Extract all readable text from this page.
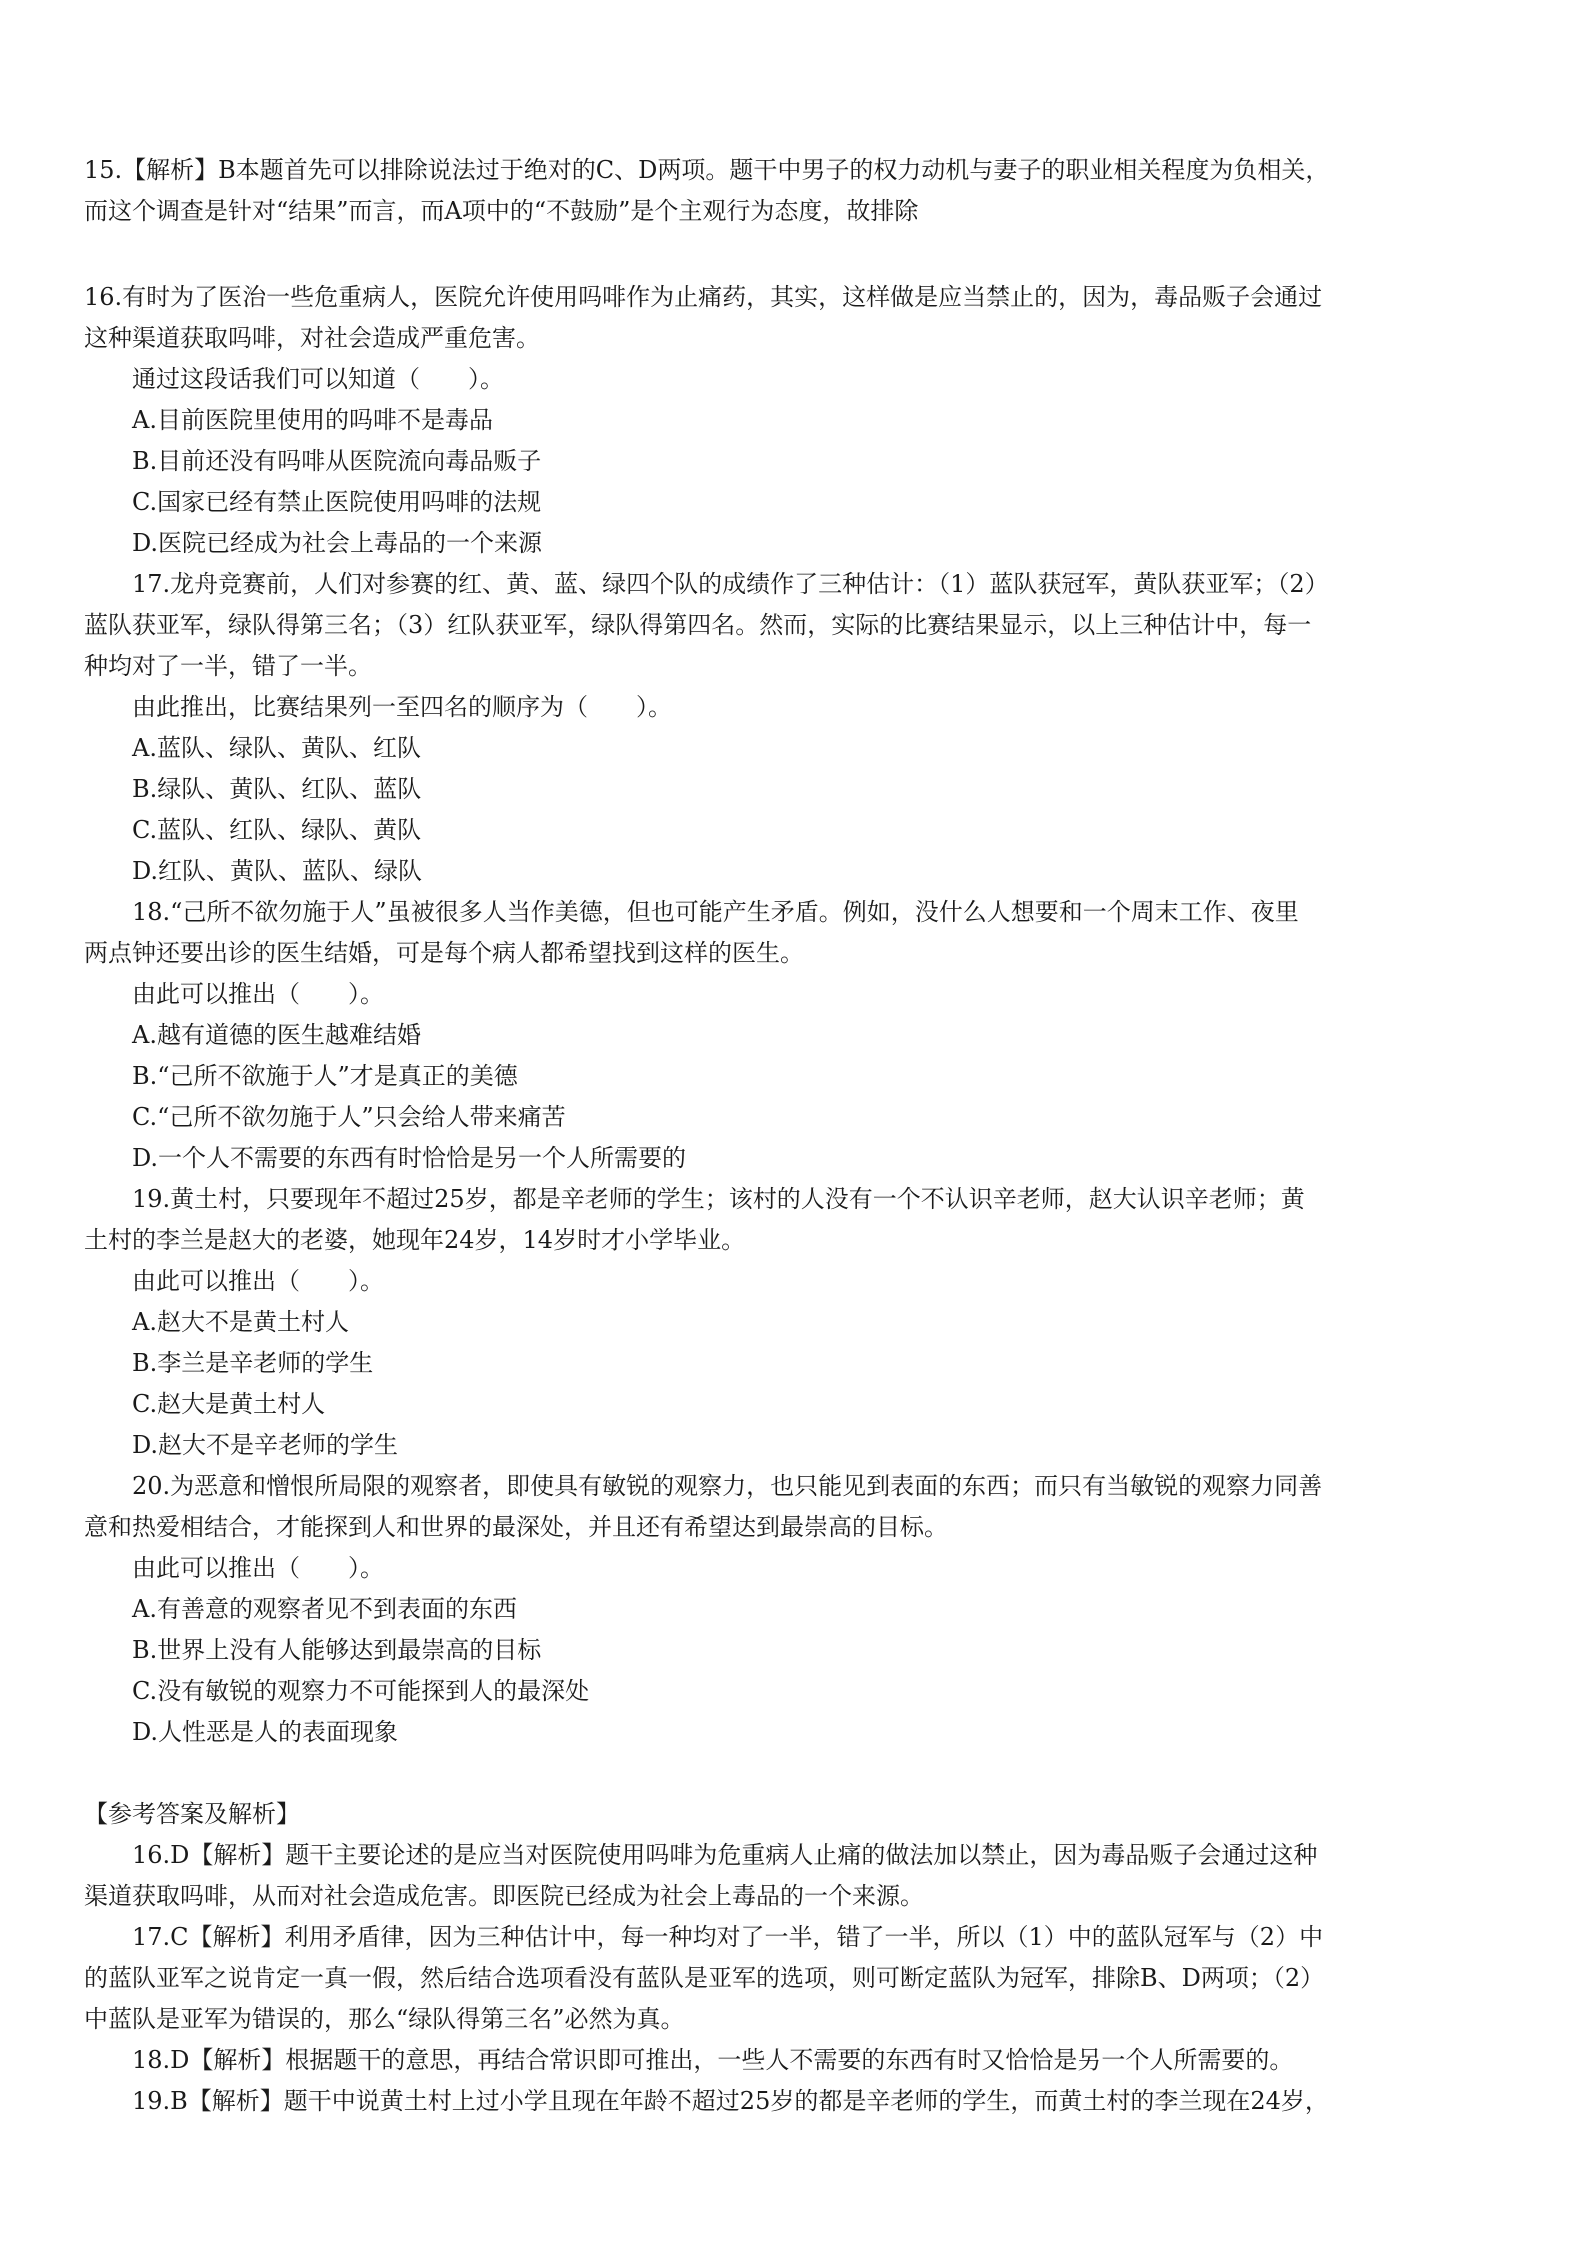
15.【解析】B本题首先可以排除说法过于绝对的C、D两项。题干中男子的权力动机与妻子的职业相关程度为负相关，
而这个调查是针对“结果”而言，而A项中的“不鼓励”是个主观行为态度，故排除
16.有时为了医治一些危重病人，医院允许使用吗啡作为止痛药，其实，这样做是应当禁止的，因为，毒品贩子会通过
这种渠道获取吗啡，对社会造成严重危害。
通过这段话我们可以知道（　　）。
A.目前医院里使用的吗啡不是毒品
B.目前还没有吗啡从医院流向毒品贩子
C.国家已经有禁止医院使用吗啡的法规
D.医院已经成为社会上毒品的一个来源
17.龙舟竞赛前，人们对参赛的红、黄、蓝、绿四个队的成绩作了三种估计：（1）蓝队获冠军，黄队获亚军；（2）
蓝队获亚军，绿队得第三名；（3）红队获亚军，绿队得第四名。然而，实际的比赛结果显示，以上三种估计中，每一
种均对了一半，错了一半。
由此推出，比赛结果列一至四名的顺序为（　　）。
A.蓝队、绿队、黄队、红队
B.绿队、黄队、红队、蓝队
C.蓝队、红队、绿队、黄队
D.红队、黄队、蓝队、绿队
18.“己所不欲勿施于人”虽被很多人当作美德，但也可能产生矛盾。例如，没什么人想要和一个周末工作、夜里
两点钟还要出诊的医生结婚，可是每个病人都希望找到这样的医生。
由此可以推出（　　）。
A.越有道德的医生越难结婚
B.“己所不欲施于人”才是真正的美德
C.“己所不欲勿施于人”只会给人带来痛苦
D.一个人不需要的东西有时恰恰是另一个人所需要的
19.黄土村，只要现年不超过25岁，都是辛老师的学生；该村的人没有一个不认识辛老师，赵大认识辛老师；黄
土村的李兰是赵大的老婆，她现年24岁，14岁时才小学毕业。
由此可以推出（　　）。
A.赵大不是黄土村人
B.李兰是辛老师的学生
C.赵大是黄土村人
D.赵大不是辛老师的学生
20.为恶意和憎恨所局限的观察者，即使具有敏锐的观察力，也只能见到表面的东西；而只有当敏锐的观察力同善
意和热爱相结合，才能探到人和世界的最深处，并且还有希望达到最崇高的目标。
由此可以推出（　　）。
A.有善意的观察者见不到表面的东西
B.世界上没有人能够达到最崇高的目标
C.没有敏锐的观察力不可能探到人的最深处
D.人性恶是人的表面现象
【参考答案及解析】
16.D【解析】题干主要论述的是应当对医院使用吗啡为危重病人止痛的做法加以禁止，因为毒品贩子会通过这种
渠道获取吗啡，从而对社会造成危害。即医院已经成为社会上毒品的一个来源。
17.C【解析】利用矛盾律，因为三种估计中，每一种均对了一半，错了一半，所以（1）中的蓝队冠军与（2）中
的蓝队亚军之说肯定一真一假，然后结合选项看没有蓝队是亚军的选项，则可断定蓝队为冠军，排除B、D两项；（2）
中蓝队是亚军为错误的，那么“绿队得第三名”必然为真。
18.D【解析】根据题干的意思，再结合常识即可推出，一些人不需要的东西有时又恰恰是另一个人所需要的。
19.B【解析】题干中说黄土村上过小学且现在年龄不超过25岁的都是辛老师的学生，而黄土村的李兰现在24岁，
